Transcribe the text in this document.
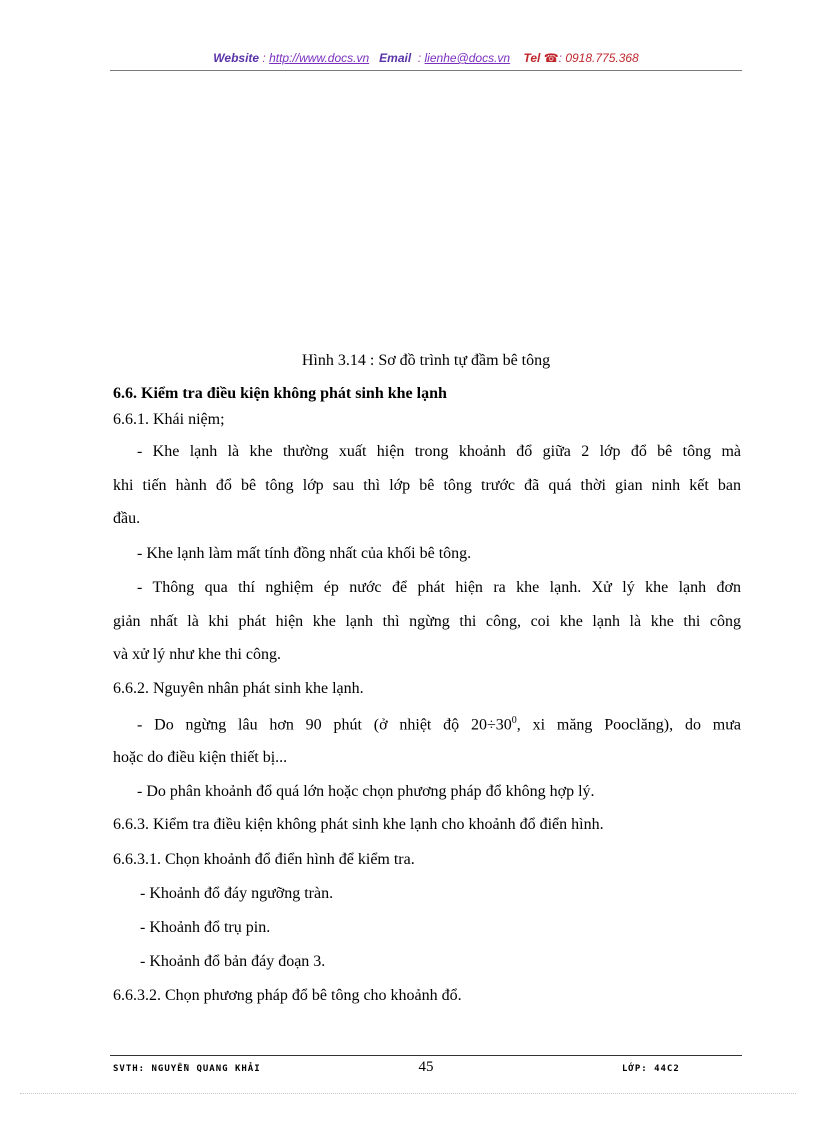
Website : http://www.docs.vn Email  : lienhe@docs.vn Tel ☎: 0918.775.368
Hình 3.14 : Sơ đồ trình tự đầm bê tông
6.6. Kiểm tra điều kiện không phát sinh khe lạnh
6.6.1. Khái niệm;
- Khe lạnh là khe thường xuất hiện trong khoảnh đổ giữa 2 lớp đổ bê tông mà
khi tiến hành đổ bê tông lớp sau thì lớp bê tông trước đã quá thời gian ninh kết ban
đầu.
- Khe lạnh làm mất tính đồng nhất của khối bê tông.
- Thông qua thí nghiệm ép nước để phát hiện ra khe lạnh. Xử lý khe lạnh đơn
giản nhất là khi phát hiện khe lạnh thì ngừng thi công, coi khe lạnh là khe thi công
và xử lý như khe thi công.
6.6.2. Nguyên nhân phát sinh khe lạnh.
- Do ngừng lâu hơn 90 phút (ở nhiệt độ $20\div 30^0$, xi măng Pooclăng), do mưa
hoặc do điều kiện thiết bị...
- Do phân khoảnh đổ quá lớn hoặc chọn phương pháp đổ không hợp lý.
6.6.3. Kiểm tra điều kiện không phát sinh khe lạnh cho khoảnh đổ điển hình.
6.6.3.1. Chọn khoảnh đổ điển hình để kiểm tra.
- Khoảnh đổ đáy ngưỡng tràn.
- Khoảnh đổ trụ pin.
- Khoảnh đổ bản đáy đoạn 3.
6.6.3.2. Chọn phương pháp đổ bê tông cho khoảnh đổ.
SVTH: NGUYỄN QUANG KHẢI	45	LỚP: 44C2
